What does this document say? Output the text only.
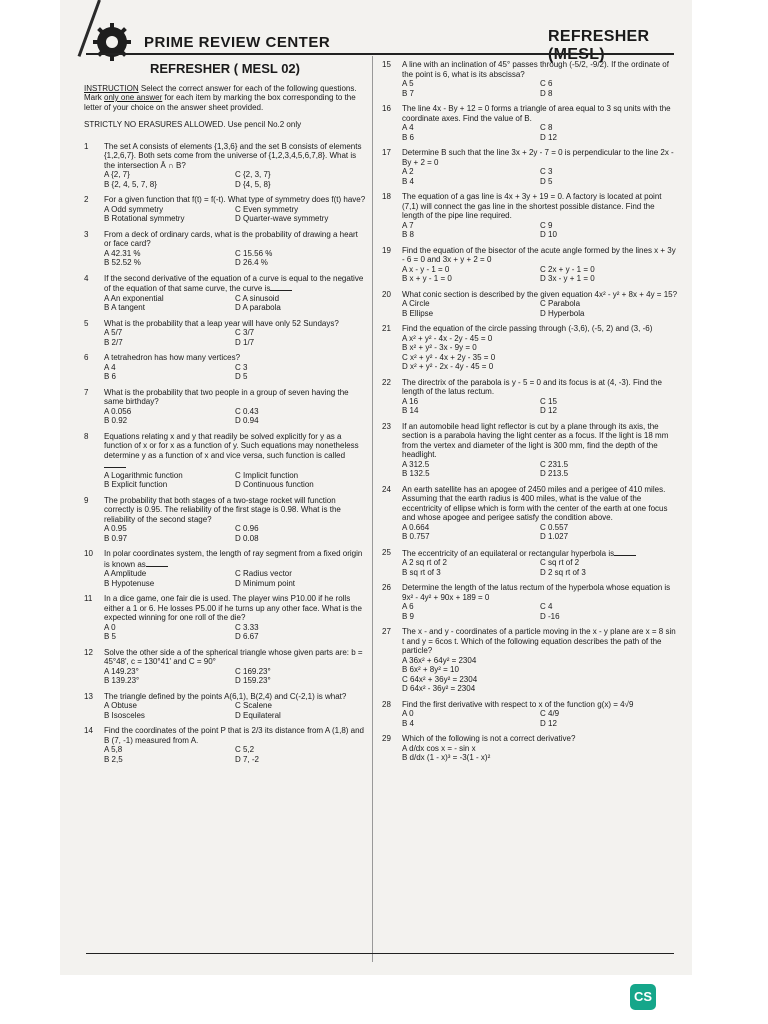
PRIME REVIEW CENTER	REFRESHER
REFRESHER ( MESL 02)
INSTRUCTION Select the correct answer for each of the following questions. Mark only one answer for each item by marking the box corresponding to the letter of your choice on the answer sheet provided.
STRICTLY NO ERASURES ALLOWED. Use pencil No.2 only
1 The set A consists of elements {1,3,6} and the set B consists of elements {1,2,6,7}. Both sets come from the universe of {1,2,3,4,5,6,7,8}. What is the intersection Ā ∩ B?
A {2, 7}	C {2, 3, 7}
B {2, 4, 5, 7, 8}	D {4, 5, 8}
2 For a given function that f(t) = f(-t). What type of symmetry does f(t) have?
A Odd symmetry	C Even symmetry
B Rotational symmetry	D Quarter-wave symmetry
3 From a deck of ordinary cards, what is the probability of drawing a heart or face card?
A 42.31 %	C 15.56 %
B 52.52 %	D 26.4 %
4 If the second derivative of the equation of a curve is equal to the negative of the equation of that same curve, the curve is
A An exponential	C A sinusoid
B A tangent	D A parabola
5 What is the probability that a leap year will have only 52 Sundays?
A 5/7	C 3/7
B 2/7	D 1/7
6 A tetrahedron has how many vertices?
A 4	C 3
B 6	D 5
7 What is the probability that two people in a group of seven having the same birthday?
A 0.056	C 0.43
B 0.92	D 0.94
8 Equations relating x and y that readily be solved explicitly for y as a function of x or for x as a function of y. Such equations may nonetheless determine y as a function of x and vice versa, such function is called
A Logarithmic function	C Implicit function
B Explicit function	D Continuous function
9 The probability that both stages of a two-stage rocket will function correctly is 0.95. The reliability of the first stage is 0.98. What is the reliability of the second stage?
A 0.95	C 0.96
B 0.97	D 0.08
10 In polar coordinates system, the length of ray segment from a fixed origin is known as
A Amplitude	C Radius vector
B Hypotenuse	D Minimum point
11 In a dice game, one fair die is used. The player wins P10.00 if he rolls either a 1 or 6. He losses P5.00 if he turns up any other face. What is the expected winning for one roll of the die?
A 0	C 3.33
B 5	D 6.67
12 Solve the other side a of the spherical triangle whose given parts are: b = 45°48', c = 130°41' and C = 90°
A 149.23°	C 169.23°
B 139.23°	D 159.23°
13 The triangle defined by the points A(6,1), B(2,4) and C(-2,1) is what?
A Obtuse	C Scalene
B Isosceles	D Equilateral
14 Find the coordinates of the point P that is 2/3 its distance from A (1,8) and B (7, -1) measured from A.
A 5,8	C 5,2
B 2,5	D 7, -2
15 A line with an inclination of 45° passes through (-5/2, -9/2). If the ordinate of the point is 6, what is its abscissa?
A 5	C 6
B 7	D 8
16 The line 4x - By + 12 = 0 forms a triangle of area equal to 3 sq units with the coordinate axes. Find the value of B.
A 4	C 8
B 6	D 12
17 Determine B such that the line 3x + 2y - 7 = 0 is perpendicular to the line 2x - By + 2 = 0
A 2	C 3
B 4	D 5
18 The equation of a gas line is 4x + 3y + 19 = 0. A factory is located at point (7,1) will connect the gas line in the shortest possible distance. Find the length of the pipe line required.
A 7	C 9
B 8	D 10
19 Find the equation of the bisector of the acute angle formed by the lines x + 3y - 6 = 0 and 3x + y + 2 = 0
A x - y - 1 = 0	C 2x + y - 1 = 0
B x + y - 1 = 0	D 3x - y + 1 = 0
20 What conic section is described by the given equation 4x² - y² + 8x + 4y = 15?
A Circle	C Parabola
B Ellipse	D Hyperbola
21 Find the equation of the circle passing through (-3,6), (-5, 2) and (3, -6)
A x² + y² - 4x - 2y - 45 = 0
B x² + y² - 3x - 9y = 0
C x² + y² - 4x + 2y - 35 = 0
D x² + y² - 2x - 4y - 45 = 0
22 The directrix of the parabola is y - 5 = 0 and its focus is at (4, -3). Find the length of the latus rectum.
A 16	C 15
B 14	D 12
23 If an automobile head light reflector is cut by a plane through its axis, the section is a parabola having the light center as a focus. If the light is 18 mm from the vertex and diameter of the light is 300 mm, find the depth of the headlight.
A 312.5	C 231.5
B 132.5	D 213.5
24 An earth satellite has an apogee of 2450 miles and a perigee of 410 miles. Assuming that the earth radius is 400 miles, what is the value of the eccentricity of ellipse which is form with the center of the earth at one focus and whose apogee and perigee satisfy the condition above.
A 0.664	C 0.557
B 0.757	D 1.027
25 The eccentricity of an equilateral or rectangular hyperbola is
A 2 sq rt of 2	C sq rt of 2
B sq rt of 3	D 2 sq rt of 3
26 Determine the length of the latus rectum of the hyperbola whose equation is 9x² - 4y² + 90x + 189 = 0
A 6	C 4
B 9	D -16
27 The x - and y - coordinates of a particle moving in the x - y plane are x = 8 sin t and y = 6cos t. Which of the following equation describes the path of the particle?
A 36x² + 64y² = 2304
B 6x² + 8y² = 10
C 64x² + 36y² = 2304
D 64x² - 36y² = 2304
28 Find the first derivative with respect to x of the function g(x) = 4√9
A 0	C 4/9
B 4	D 12
29 Which of the following is not a correct derivative?
A d/dx cos x = - sin x
B d/dx (1 - x)³ = -3(1 - x)²
CS
